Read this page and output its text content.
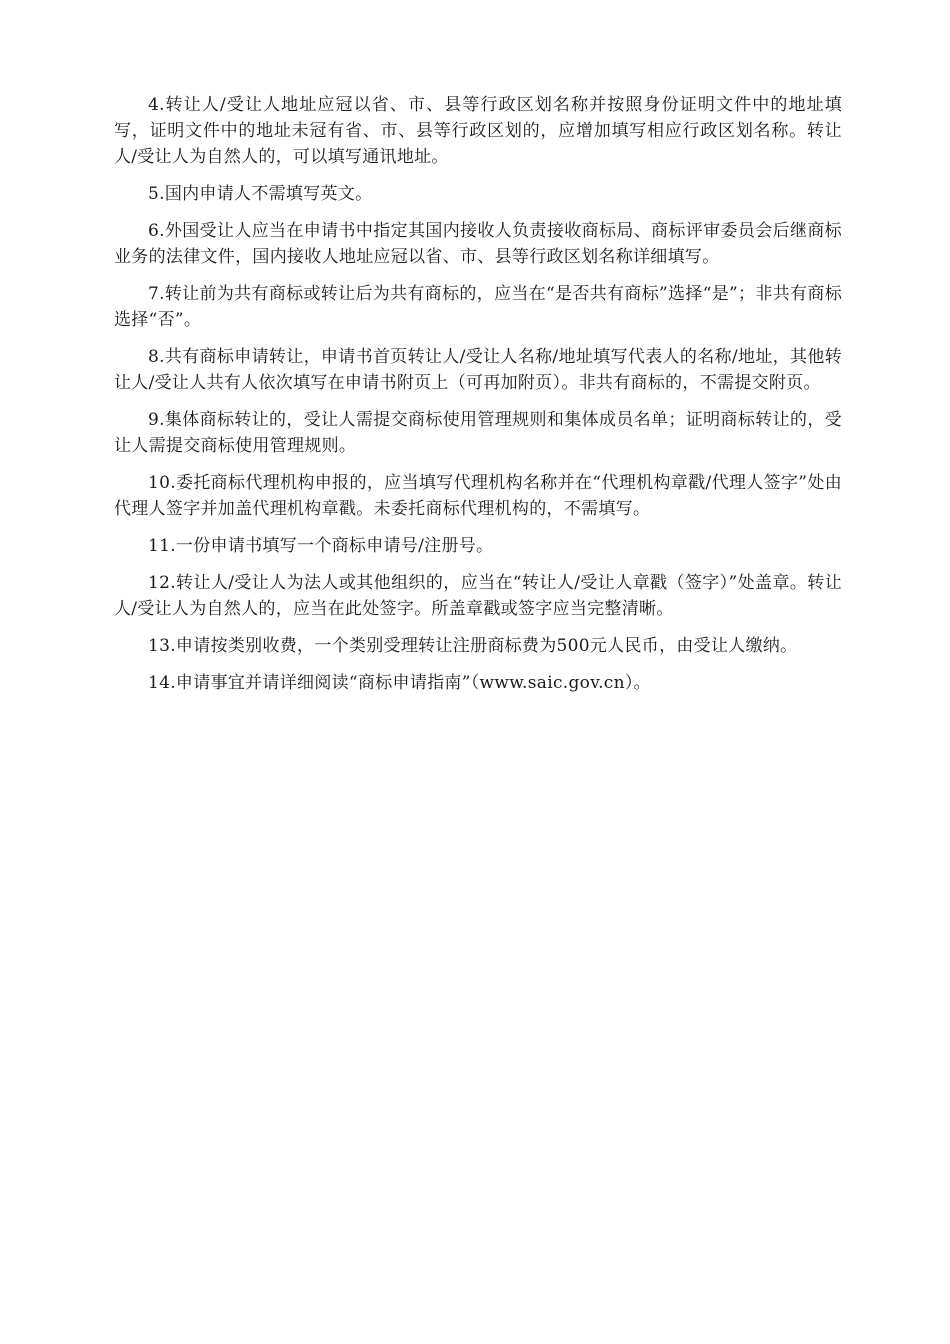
4.转让人/受让人地址应冠以省、市、县等行政区划名称并按照身份证明文件中的地址填写，证明文件中的地址未冠有省、市、县等行政区划的，应增加填写相应行政区划名称。转让人/受让人为自然人的，可以填写通讯地址。

5.国内申请人不需填写英文。

6.外国受让人应当在申请书中指定其国内接收人负责接收商标局、商标评审委员会后继商标业务的法律文件，国内接收人地址应冠以省、市、县等行政区划名称详细填写。

7.转让前为共有商标或转让后为共有商标的，应当在“是否共有商标”选择“是”；非共有商标选择“否”。

8.共有商标申请转让，申请书首页转让人/受让人名称/地址填写代表人的名称/地址，其他转让人/受让人共有人依次填写在申请书附页上（可再加附页）。非共有商标的，不需提交附页。

9.集体商标转让的，受让人需提交商标使用管理规则和集体成员名单；证明商标转让的，受让人需提交商标使用管理规则。

10.委托商标代理机构申报的，应当填写代理机构名称并在“代理机构章戳/代理人签字”处由代理人签字并加盖代理机构章戳。未委托商标代理机构的，不需填写。

11.一份申请书填写一个商标申请号/注册号。

12.转让人/受让人为法人或其他组织的，应当在“转让人/受让人章戳（签字）”处盖章。转让人/受让人为自然人的，应当在此处签字。所盖章戳或签字应当完整清晰。

13.申请按类别收费，一个类别受理转让注册商标费为500元人民币，由受让人缴纳。

14.申请事宜并请详细阅读“商标申请指南”（www.saic.gov.cn）。
